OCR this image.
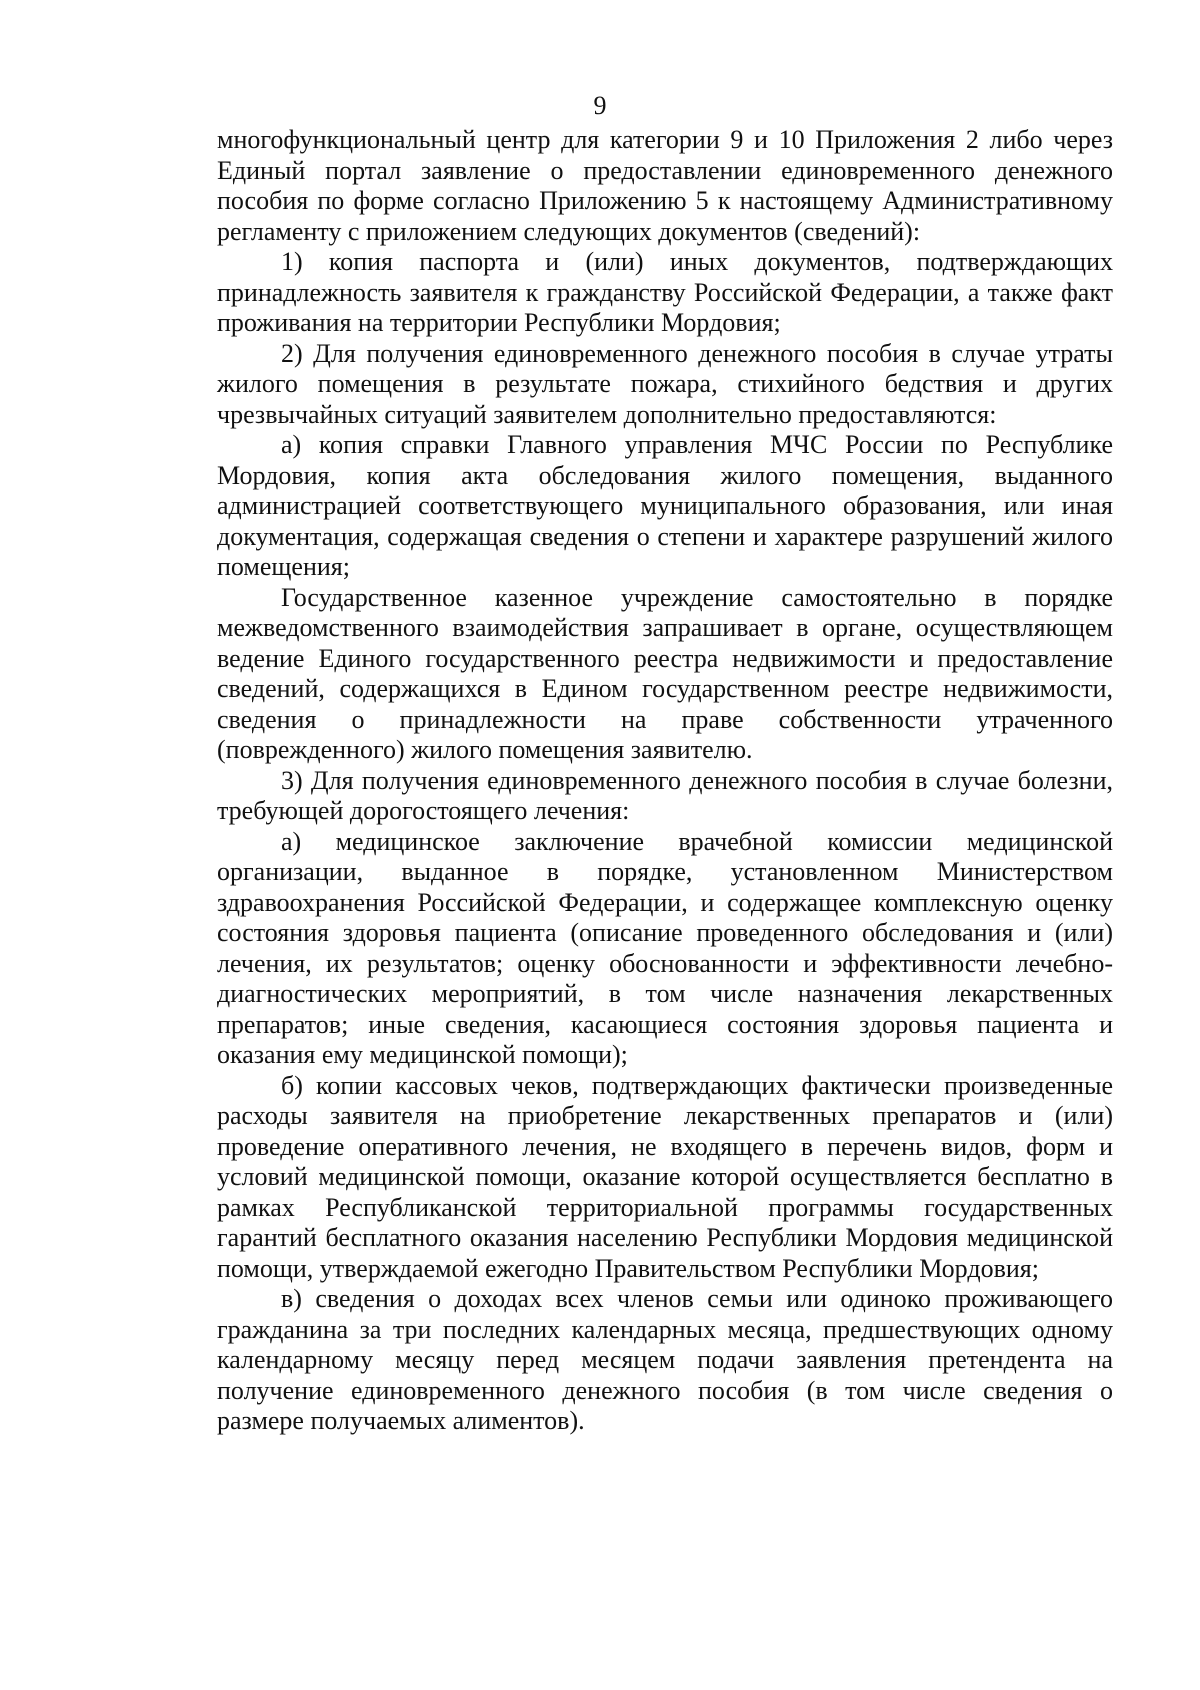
9

многофункциональный центр для категории 9 и 10 Приложения 2 либо через Единый портал заявление о предоставлении единовременного денежного пособия по форме согласно Приложению 5 к настоящему Административному регламенту с приложением следующих документов (сведений):

1) копия паспорта и (или) иных документов, подтверждающих принадлежность заявителя к гражданству Российской Федерации, а также факт проживания на территории Республики Мордовия;

2) Для получения единовременного денежного пособия в случае утраты жилого помещения в результате пожара, стихийного бедствия и других чрезвычайных ситуаций заявителем дополнительно предоставляются:

а) копия справки Главного управления МЧС России по Республике Мордовия, копия акта обследования жилого помещения, выданного администрацией соответствующего муниципального образования, или иная документация, содержащая сведения о степени и характере разрушений жилого помещения;

Государственное казенное учреждение самостоятельно в порядке межведомственного взаимодействия запрашивает в органе, осуществляющем ведение Единого государственного реестра недвижимости и предоставление сведений, содержащихся в Едином государственном реестре недвижимости, сведения о принадлежности на праве собственности утраченного (поврежденного) жилого помещения заявителю.

3) Для получения единовременного денежного пособия в случае болезни, требующей дорогостоящего лечения:

а) медицинское заключение врачебной комиссии медицинской организации, выданное в порядке, установленном Министерством здравоохранения Российской Федерации, и содержащее комплексную оценку состояния здоровья пациента (описание проведенного обследования и (или) лечения, их результатов; оценку обоснованности и эффективности лечебно-диагностических мероприятий, в том числе назначения лекарственных препаратов; иные сведения, касающиеся состояния здоровья пациента и оказания ему медицинской помощи);

б) копии кассовых чеков, подтверждающих фактически произведенные расходы заявителя на приобретение лекарственных препаратов и (или) проведение оперативного лечения, не входящего в перечень видов, форм и условий медицинской помощи, оказание которой осуществляется бесплатно в рамках Республиканской территориальной программы государственных гарантий бесплатного оказания населению Республики Мордовия медицинской помощи, утверждаемой ежегодно Правительством Республики Мордовия;

в) сведения о доходах всех членов семьи или одиноко проживающего гражданина за три последних календарных месяца, предшествующих одному календарному месяцу перед месяцем подачи заявления претендента на получение единовременного денежного пособия (в том числе сведения о размере получаемых алиментов).
